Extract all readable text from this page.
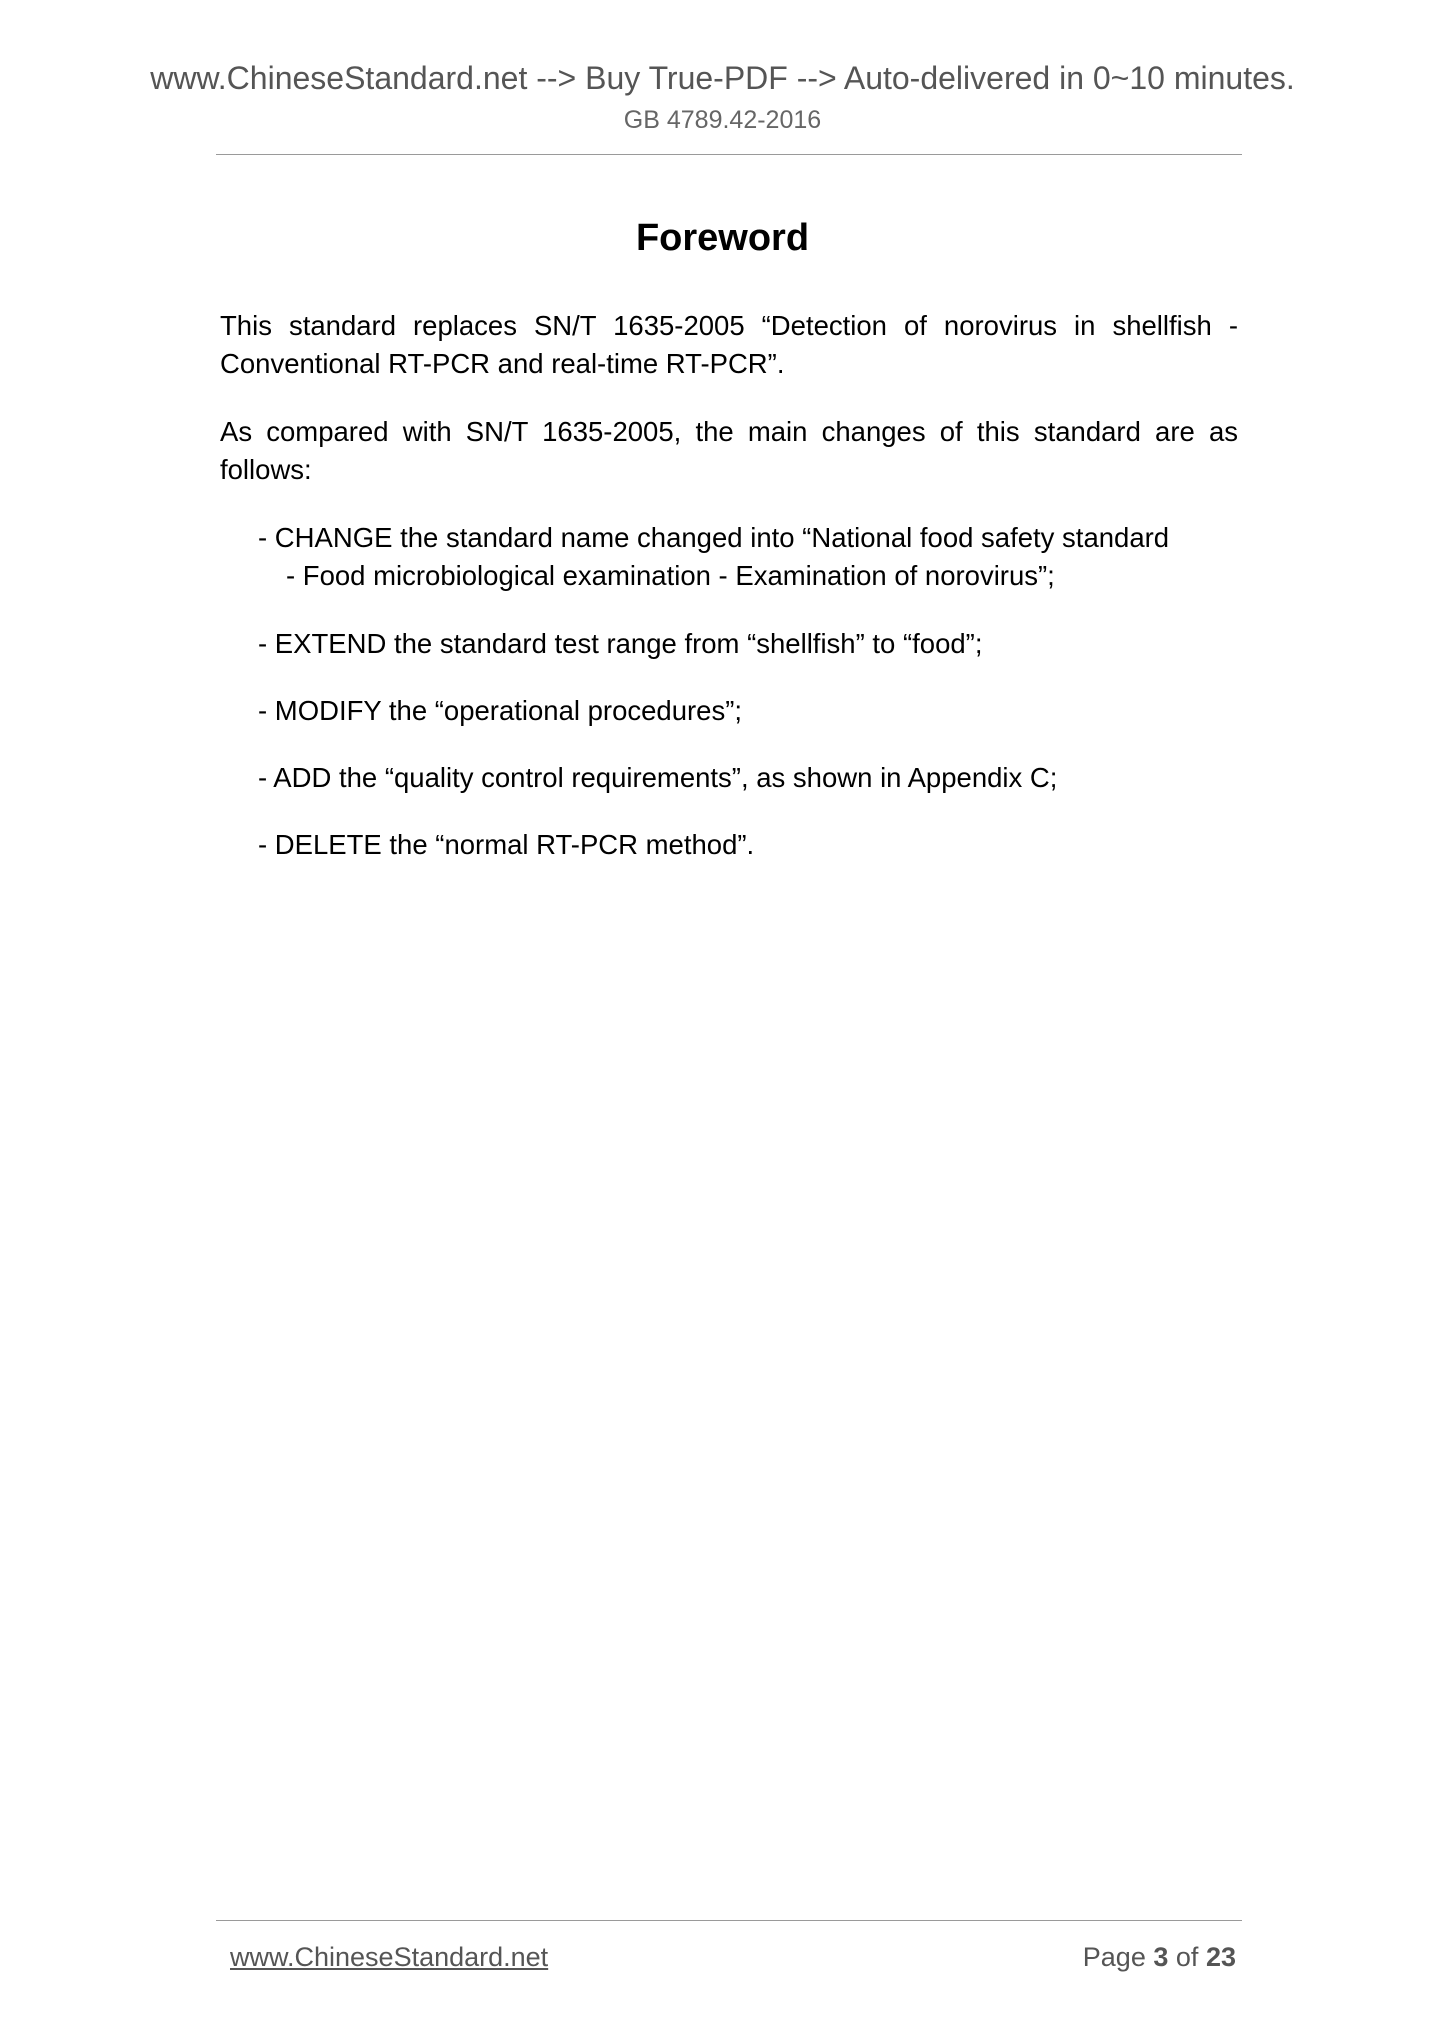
www.ChineseStandard.net --> Buy True-PDF --> Auto-delivered in 0~10 minutes.
GB 4789.42-2016
Foreword
This standard replaces SN/T 1635-2005 “Detection of norovirus in shellfish - Conventional RT-PCR and real-time RT-PCR”.
As compared with SN/T 1635-2005, the main changes of this standard are as follows:
- CHANGE the standard name changed into “National food safety standard
- Food microbiological examination - Examination of norovirus”;
- EXTEND the standard test range from “shellfish” to “food”;
- MODIFY the “operational procedures”;
- ADD the “quality control requirements”, as shown in Appendix C;
- DELETE the “normal RT-PCR method”.
www.ChineseStandard.net	Page 3 of 23
